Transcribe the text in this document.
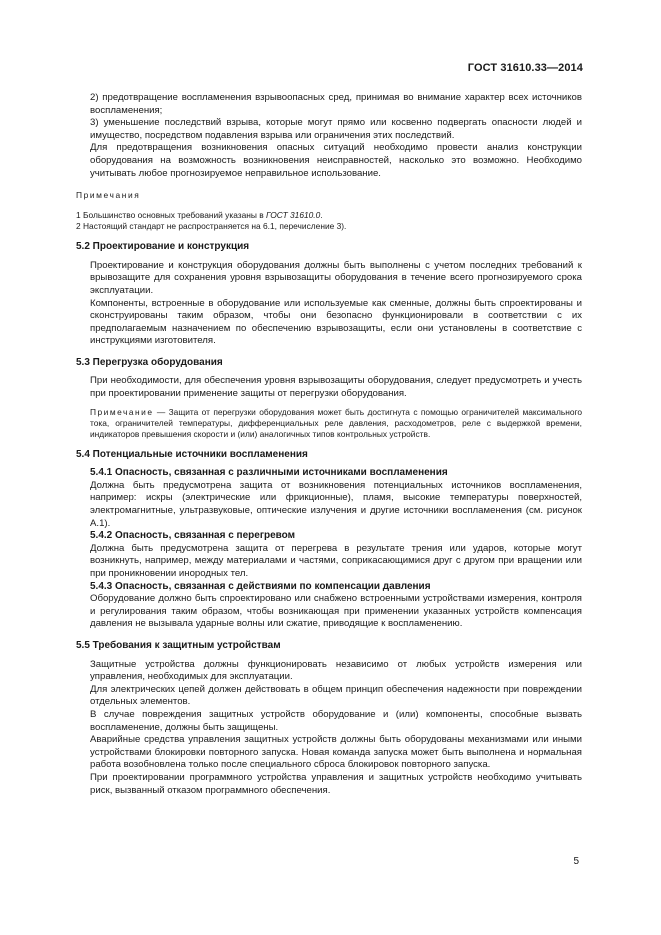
ГОСТ 31610.33—2014

2) предотвращение воспламенения взрывоопасных сред, принимая во внимание характер всех источников воспламенения;

3) уменьшение последствий взрыва, которые могут прямо или косвенно подвергать опасности людей и имущество, посредством подавления взрыва или ограничения этих последствий.

Для предотвращения возникновения опасных ситуаций необходимо провести анализ конструкции оборудования на возможность возникновения неисправностей, насколько это возможно. Необходимо учитывать любое прогнозируемое неправильное использование.

Примечания

1 Большинство основных требований указаны в ГОСТ 31610.0.

2 Настоящий стандарт не распространяется на 6.1, перечисление 3).

5.2 Проектирование и конструкция

Проектирование и конструкция оборудования должны быть выполнены с учетом последних требований к врывозащите для сохранения уровня взрывозащиты оборудования в течение всего прогнозируемого срока эксплуатации.

Компоненты, встроенные в оборудование или используемые как сменные, должны быть спроектированы и сконструированы таким образом, чтобы они безопасно функционировали в соответствии с их предполагаемым назначением по обеспечению взрывозащиты, если они установлены в соответствие с инструкциями изготовителя.

5.3 Перегрузка оборудования

При необходимости, для обеспечения уровня взрывозащиты оборудования, следует предусмотреть и учесть при проектировании применение защиты от перегрузки оборудования.

Примечание — Защита от перегрузки оборудования может быть достигнута с помощью ограничителей максимального тока, ограничителей температуры, дифференциальных реле давления, расходометров, реле с выдержкой времени, индикаторов превышения скорости и (или) аналогичных типов контрольных устройств.

5.4 Потенциальные источники воспламенения

5.4.1 Опасность, связанная с различными источниками воспламенения

Должна быть предусмотрена защита от возникновения потенциальных источников воспламенения, например: искры (электрические или фрикционные), пламя, высокие температуры поверхностей, электромагнитные, ультразвуковые, оптические излучения и другие источники воспламенения (см. рисунок А.1).

5.4.2 Опасность, связанная с перегревом

Должна быть предусмотрена защита от перегрева в результате трения или ударов, которые могут возникнуть, например, между материалами и частями, соприкасающимися друг с другом при вращении или при проникновении инородных тел.

5.4.3 Опасность, связанная с действиями по компенсации давления

Оборудование должно быть спроектировано или снабжено встроенными устройствами измерения, контроля и регулирования таким образом, чтобы возникающая при применении указанных устройств компенсация давления не вызывала ударные волны или сжатие, приводящие к воспламенению.

5.5 Требования к защитным устройствам

Защитные устройства должны функционировать независимо от любых устройств измерения или управления, необходимых для эксплуатации.

Для электрических цепей должен действовать в общем принцип обеспечения надежности при повреждении отдельных элементов.

В случае повреждения защитных устройств оборудование и (или) компоненты, способные вызвать воспламенение, должны быть защищены.

Аварийные средства управления защитных устройств должны быть оборудованы механизмами или иными устройствами блокировки повторного запуска. Новая команда запуска может быть выполнена и нормальная работа возобновлена только после специального сброса блокировок повторного запуска.

При проектировании программного устройства управления и защитных устройств необходимо учитывать риск, вызванный отказом программного обеспечения.

5
